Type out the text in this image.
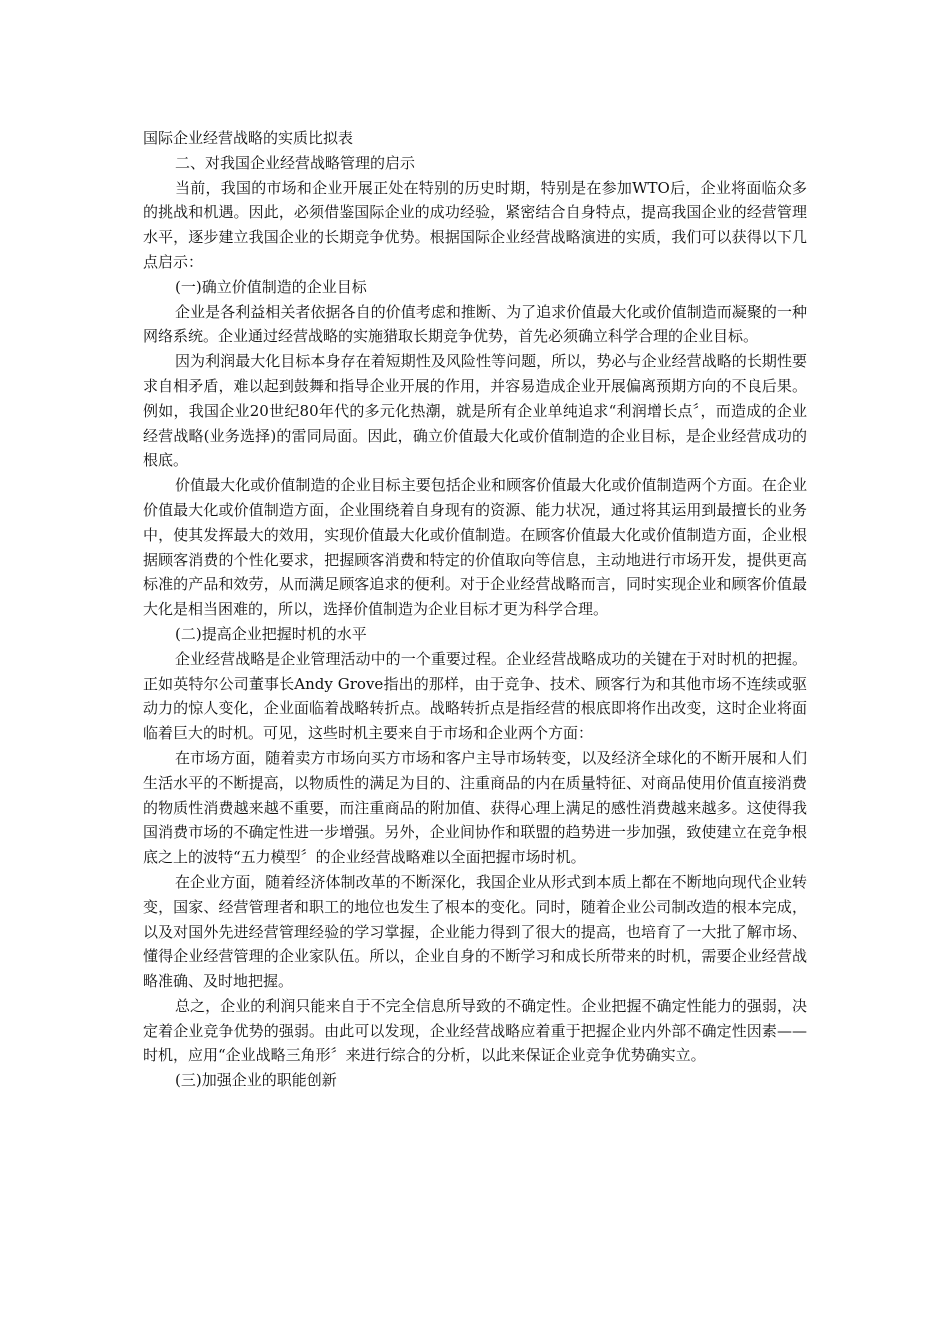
国际企业经营战略的实质比拟表

二、对我国企业经营战略管理的启示

当前，我国的市场和企业开展正处在特别的历史时期，特别是在参加WTO后，企业将面临众多的挑战和机遇。因此，必须借鉴国际企业的成功经验，紧密结合自身特点，提高我国企业的经营管理水平，逐步建立我国企业的长期竞争优势。根据国际企业经营战略演进的实质，我们可以获得以下几点启示：

(一)确立价值制造的企业目标

企业是各利益相关者依据各自的价值考虑和推断、为了追求价值最大化或价值制造而凝聚的一种网络系统。企业通过经营战略的实施猎取长期竞争优势，首先必须确立科学合理的企业目标。

因为利润最大化目标本身存在着短期性及风险性等问题，所以，势必与企业经营战略的长期性要求自相矛盾，难以起到鼓舞和指导企业开展的作用，并容易造成企业开展偏离预期方向的不良后果。例如，我国企业20世纪80年代的多元化热潮，就是所有企业单纯追求“利润增长点〞，而造成的企业经营战略(业务选择)的雷同局面。因此，确立价值最大化或价值制造的企业目标，是企业经营成功的根底。

价值最大化或价值制造的企业目标主要包括企业和顾客价值最大化或价值制造两个方面。在企业价值最大化或价值制造方面，企业围绕着自身现有的资源、能力状况，通过将其运用到最擅长的业务中，使其发挥最大的效用，实现价值最大化或价值制造。在顾客价值最大化或价值制造方面，企业根据顾客消费的个性化要求，把握顾客消费和特定的价值取向等信息，主动地进行市场开发，提供更高标准的产品和效劳，从而满足顾客追求的便利。对于企业经营战略而言，同时实现企业和顾客价值最大化是相当困难的，所以，选择价值制造为企业目标才更为科学合理。

(二)提高企业把握时机的水平

企业经营战略是企业管理活动中的一个重要过程。企业经营战略成功的关键在于对时机的把握。正如英特尔公司董事长Andy Grove指出的那样，由于竞争、技术、顾客行为和其他市场不连续或驱动力的惊人变化，企业面临着战略转折点。战略转折点是指经营的根底即将作出改变，这时企业将面临着巨大的时机。可见，这些时机主要来自于市场和企业两个方面：

在市场方面，随着卖方市场向买方市场和客户主导市场转变，以及经济全球化的不断开展和人们生活水平的不断提高，以物质性的满足为目的、注重商品的内在质量特征、对商品使用价值直接消费的物质性消费越来越不重要，而注重商品的附加值、获得心理上满足的感性消费越来越多。这使得我国消费市场的不确定性进一步增强。另外，企业间协作和联盟的趋势进一步加强，致使建立在竞争根底之上的波特“五力模型〞的企业经营战略难以全面把握市场时机。

在企业方面，随着经济体制改革的不断深化，我国企业从形式到本质上都在不断地向现代企业转变，国家、经营管理者和职工的地位也发生了根本的变化。同时，随着企业公司制改造的根本完成，以及对国外先进经营管理经验的学习掌握，企业能力得到了很大的提高，也培育了一大批了解市场、懂得企业经营管理的企业家队伍。所以，企业自身的不断学习和成长所带来的时机，需要企业经营战略准确、及时地把握。

总之，企业的利润只能来自于不完全信息所导致的不确定性。企业把握不确定性能力的强弱，决定着企业竞争优势的强弱。由此可以发现，企业经营战略应着重于把握企业内外部不确定性因素——时机，应用“企业战略三角形〞来进行综合的分析，以此来保证企业竞争优势确实立。

(三)加强企业的职能创新
